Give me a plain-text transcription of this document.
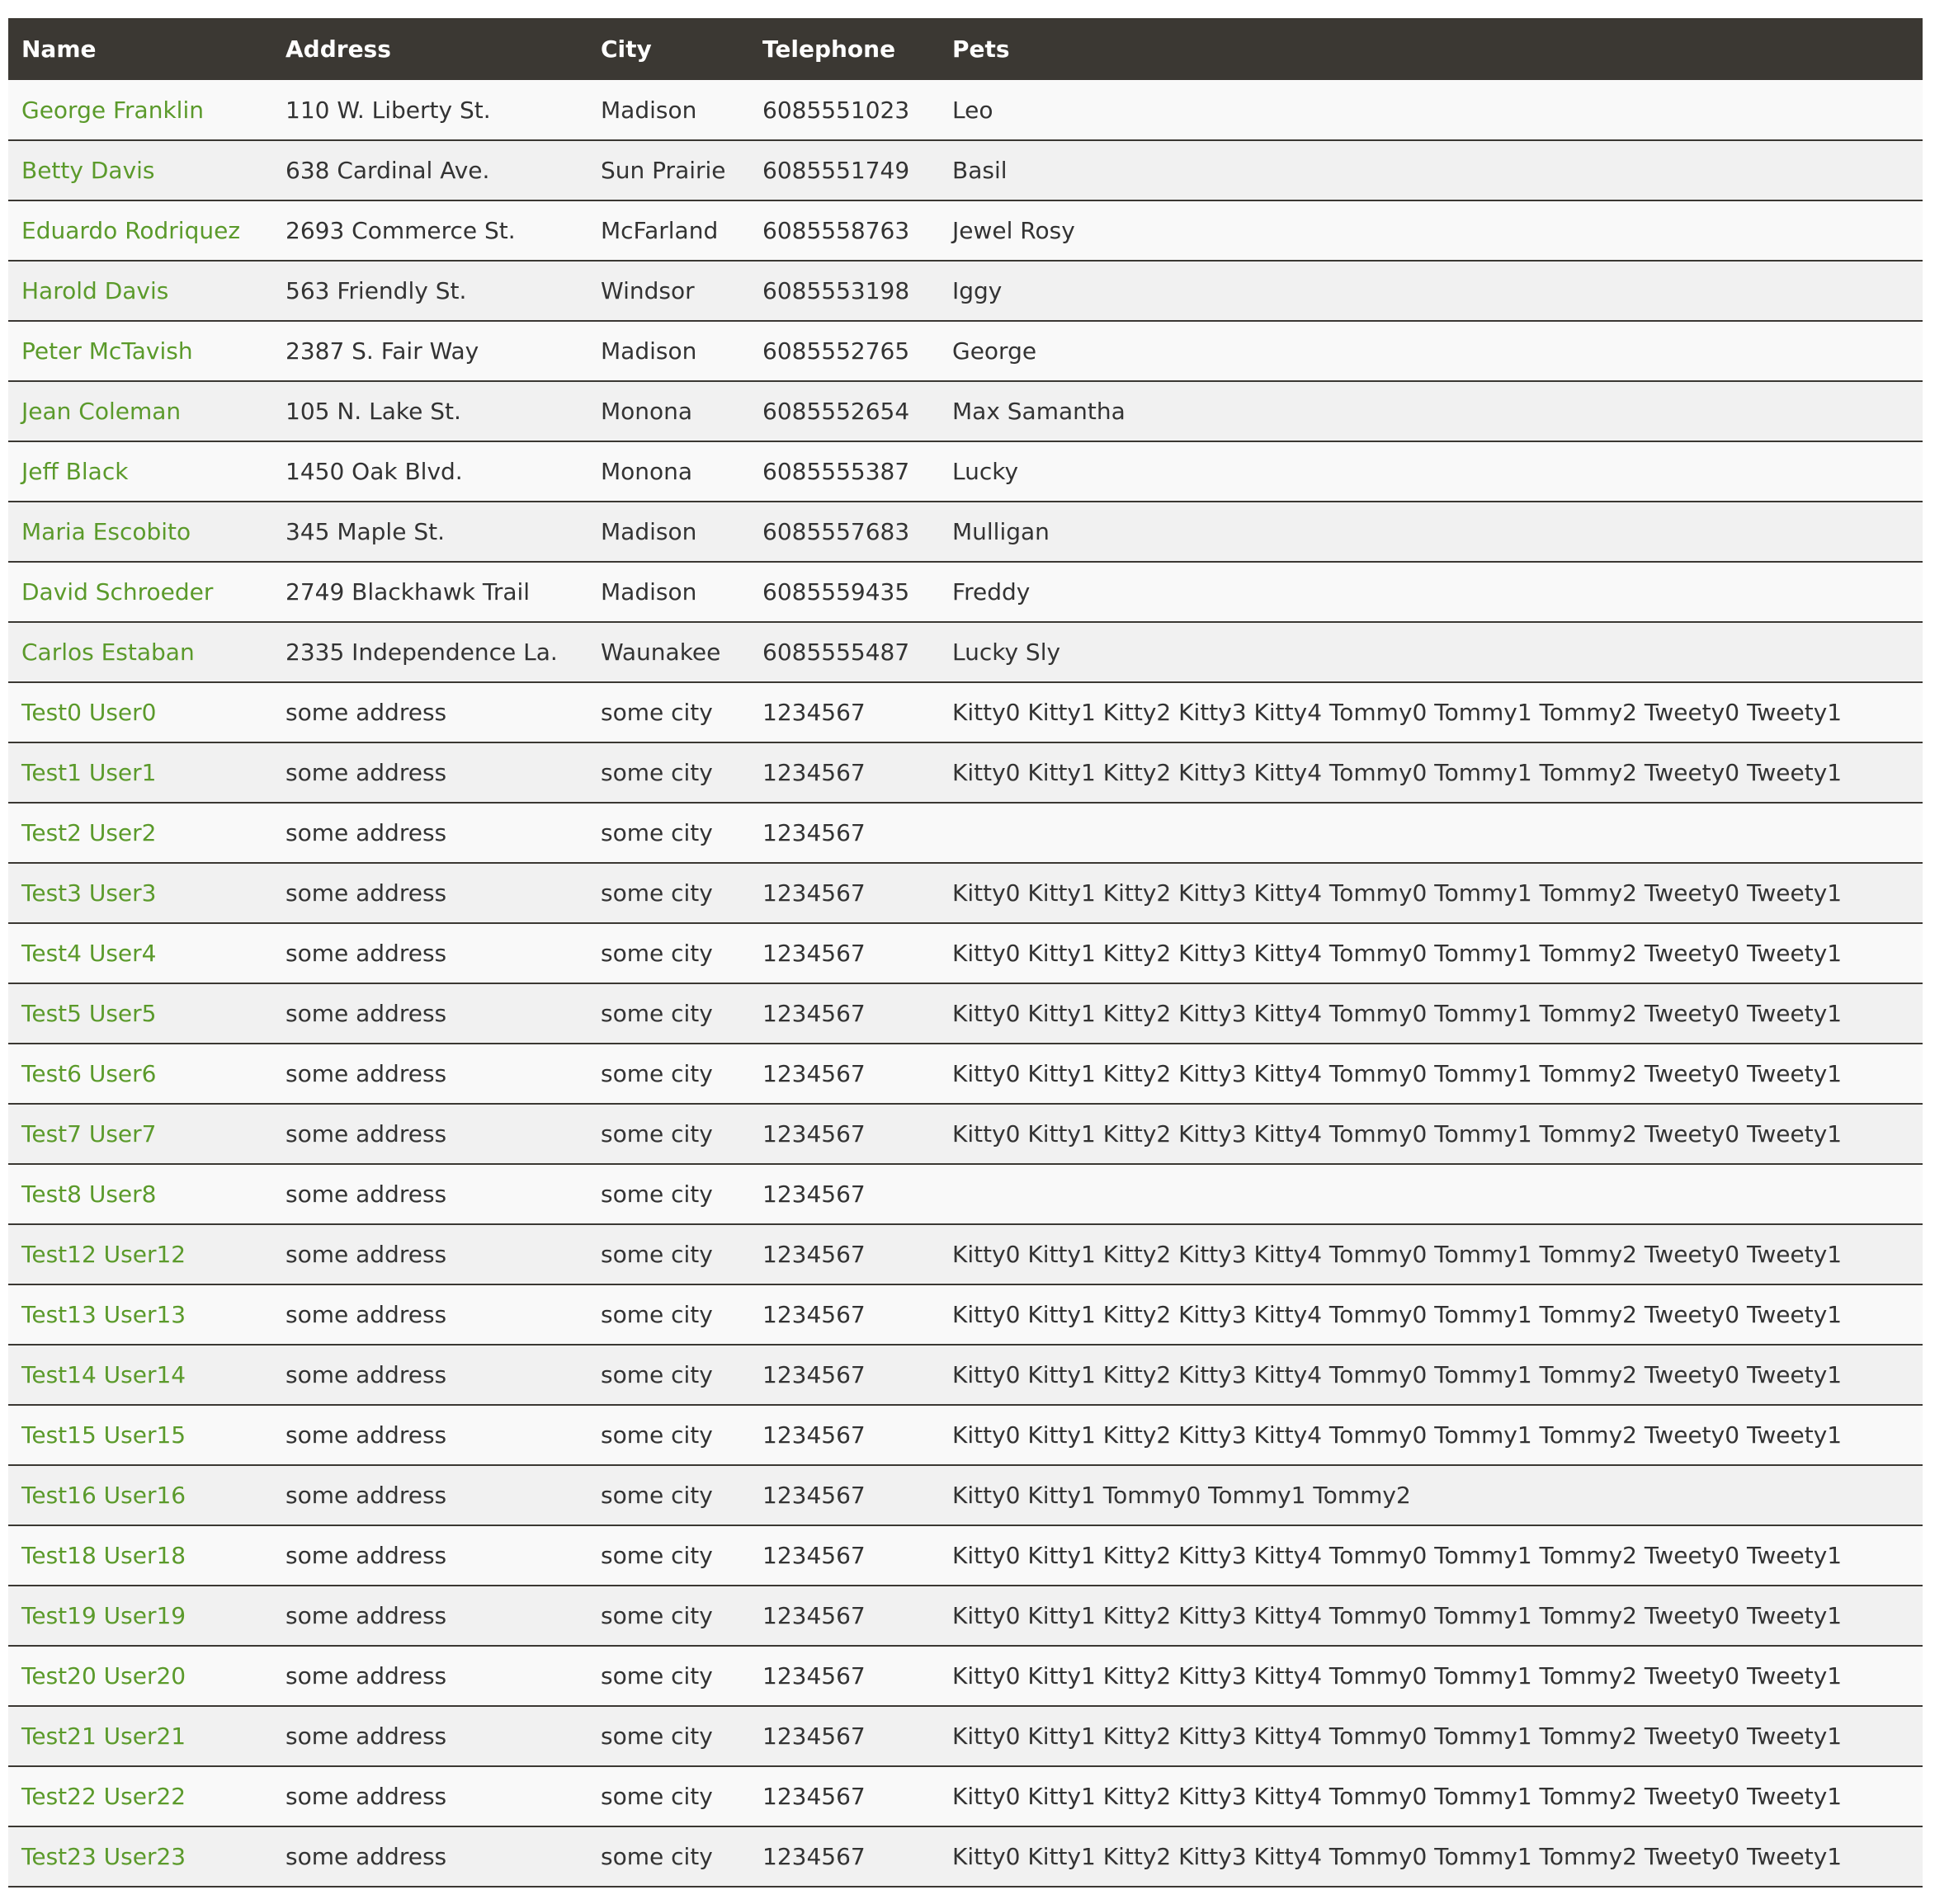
Name	Address	City	Telephone	Pets
George Franklin	110 W. Liberty St.	Madison	6085551023	Leo
Betty Davis	638 Cardinal Ave.	Sun Prairie	6085551749	Basil
Eduardo Rodriquez	2693 Commerce St.	McFarland	6085558763	Jewel Rosy
Harold Davis	563 Friendly St.	Windsor	6085553198	Iggy
Peter McTavish	2387 S. Fair Way	Madison	6085552765	George
Jean Coleman	105 N. Lake St.	Monona	6085552654	Max Samantha
Jeff Black	1450 Oak Blvd.	Monona	6085555387	Lucky
Maria Escobito	345 Maple St.	Madison	6085557683	Mulligan
David Schroeder	2749 Blackhawk Trail	Madison	6085559435	Freddy
Carlos Estaban	2335 Independence La.	Waunakee	6085555487	Lucky Sly
Test0 User0	some address	some city	1234567	Kitty0 Kitty1 Kitty2 Kitty3 Kitty4 Tommy0 Tommy1 Tommy2 Tweety0 Tweety1
Test1 User1	some address	some city	1234567	Kitty0 Kitty1 Kitty2 Kitty3 Kitty4 Tommy0 Tommy1 Tommy2 Tweety0 Tweety1
Test2 User2	some address	some city	1234567	
Test3 User3	some address	some city	1234567	Kitty0 Kitty1 Kitty2 Kitty3 Kitty4 Tommy0 Tommy1 Tommy2 Tweety0 Tweety1
Test4 User4	some address	some city	1234567	Kitty0 Kitty1 Kitty2 Kitty3 Kitty4 Tommy0 Tommy1 Tommy2 Tweety0 Tweety1
Test5 User5	some address	some city	1234567	Kitty0 Kitty1 Kitty2 Kitty3 Kitty4 Tommy0 Tommy1 Tommy2 Tweety0 Tweety1
Test6 User6	some address	some city	1234567	Kitty0 Kitty1 Kitty2 Kitty3 Kitty4 Tommy0 Tommy1 Tommy2 Tweety0 Tweety1
Test7 User7	some address	some city	1234567	Kitty0 Kitty1 Kitty2 Kitty3 Kitty4 Tommy0 Tommy1 Tommy2 Tweety0 Tweety1
Test8 User8	some address	some city	1234567	
Test12 User12	some address	some city	1234567	Kitty0 Kitty1 Kitty2 Kitty3 Kitty4 Tommy0 Tommy1 Tommy2 Tweety0 Tweety1
Test13 User13	some address	some city	1234567	Kitty0 Kitty1 Kitty2 Kitty3 Kitty4 Tommy0 Tommy1 Tommy2 Tweety0 Tweety1
Test14 User14	some address	some city	1234567	Kitty0 Kitty1 Kitty2 Kitty3 Kitty4 Tommy0 Tommy1 Tommy2 Tweety0 Tweety1
Test15 User15	some address	some city	1234567	Kitty0 Kitty1 Kitty2 Kitty3 Kitty4 Tommy0 Tommy1 Tommy2 Tweety0 Tweety1
Test16 User16	some address	some city	1234567	Kitty0 Kitty1 Tommy0 Tommy1 Tommy2
Test18 User18	some address	some city	1234567	Kitty0 Kitty1 Kitty2 Kitty3 Kitty4 Tommy0 Tommy1 Tommy2 Tweety0 Tweety1
Test19 User19	some address	some city	1234567	Kitty0 Kitty1 Kitty2 Kitty3 Kitty4 Tommy0 Tommy1 Tommy2 Tweety0 Tweety1
Test20 User20	some address	some city	1234567	Kitty0 Kitty1 Kitty2 Kitty3 Kitty4 Tommy0 Tommy1 Tommy2 Tweety0 Tweety1
Test21 User21	some address	some city	1234567	Kitty0 Kitty1 Kitty2 Kitty3 Kitty4 Tommy0 Tommy1 Tommy2 Tweety0 Tweety1
Test22 User22	some address	some city	1234567	Kitty0 Kitty1 Kitty2 Kitty3 Kitty4 Tommy0 Tommy1 Tommy2 Tweety0 Tweety1
Test23 User23	some address	some city	1234567	Kitty0 Kitty1 Kitty2 Kitty3 Kitty4 Tommy0 Tommy1 Tommy2 Tweety0 Tweety1
